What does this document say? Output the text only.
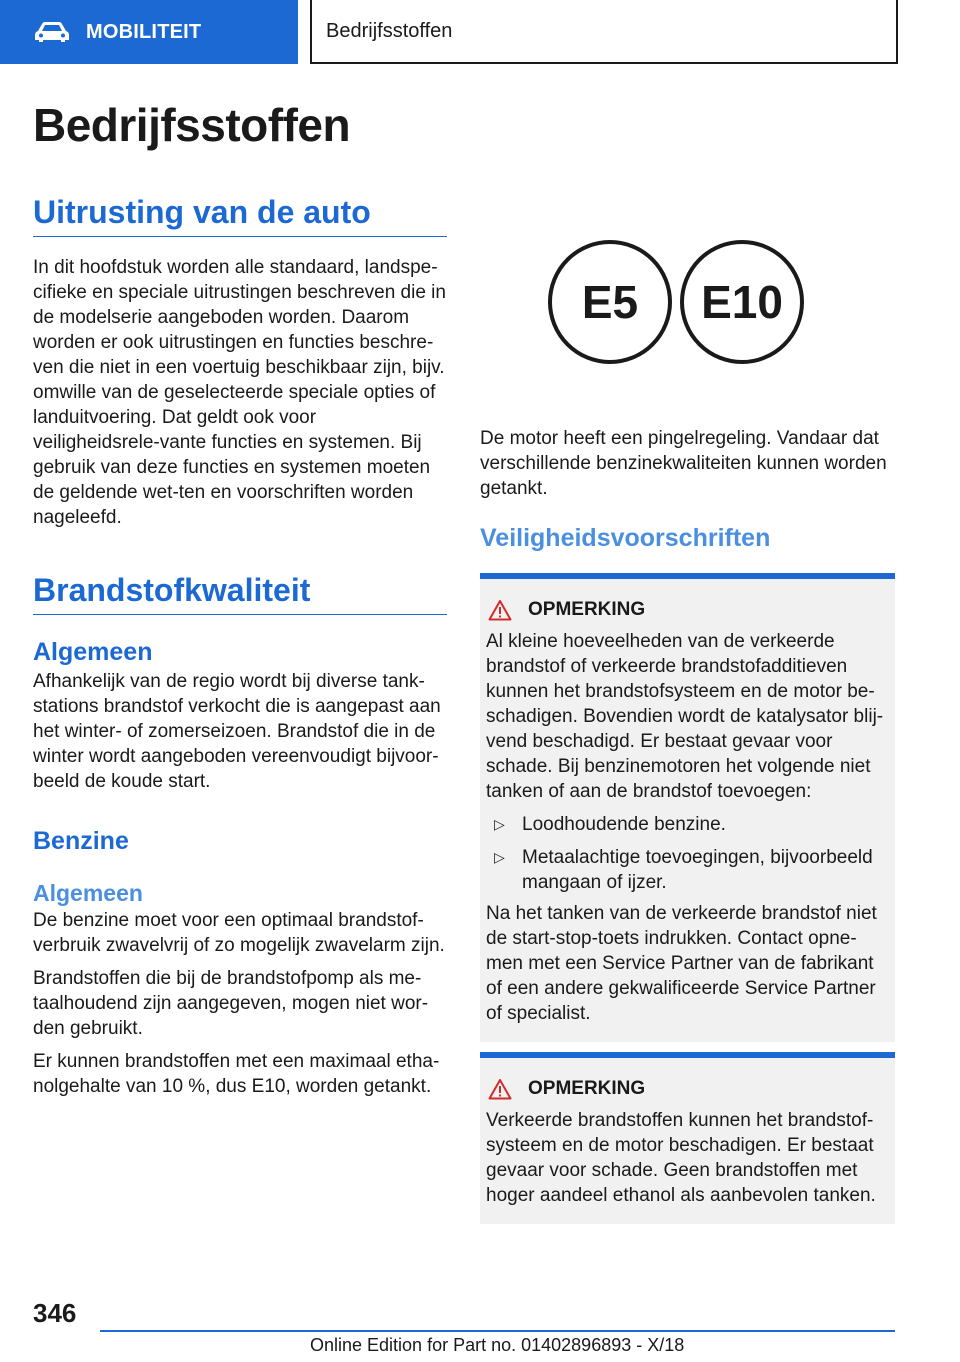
MOBILITEIT	Bedrijfsstoffen
Bedrijfsstoffen
Uitrusting van de auto

In dit hoofdstuk worden alle standaard, landspe-cifieke en speciale uitrustingen beschreven die in de modelserie aangeboden worden. Daarom worden er ook uitrustingen en functies beschre-ven die niet in een voertuig beschikbaar zijn, bijv. omwille van de geselecteerde speciale opties of landuitvoering. Dat geldt ook voor veiligheidsrele-vante functies en systemen. Bij gebruik van deze functies en systemen moeten de geldende wet-ten en voorschriften worden nageleefd.

Brandstofkwaliteit
Algemeen

Afhankelijk van de regio wordt bij diverse tank-stations brandstof verkocht die is aangepast aan het winter- of zomerseizoen. Brandstof die in de winter wordt aangeboden vereenvoudigt bijvoor-beeld de koude start.

Benzine
Algemeen

De benzine moet voor een optimaal brandstof-verbruik zwavelvrij of zo mogelijk zwavelarm zijn.

Brandstoffen die bij de brandstofpomp als me-taalhoudend zijn aangegeven, mogen niet wor-den gebruikt.

Er kunnen brandstoffen met een maximaal etha-nolgehalte van 10 %, dus E10, worden getankt.

E5	E10

De motor heeft een pingelregeling. Vandaar dat verschillende benzinekwaliteiten kunnen worden getankt.

Veiligheidsvoorschriften
OPMERKING

Al kleine hoeveelheden van de verkeerde brandstof of verkeerde brandstofadditieven kunnen het brandstofsysteem en de motor be-schadigen. Bovendien wordt de katalysator blij-vend beschadigd. Er bestaat gevaar voor schade. Bij benzinemotoren het volgende niet tanken of aan de brandstof toevoegen:

▷ Loodhoudende benzine.
▷ Metaalachtige toevoegingen, bijvoorbeeld mangaan of ijzer.

Na het tanken van de verkeerde brandstof niet de start-stop-toets indrukken. Contact opne-men met een Service Partner van de fabrikant of een andere gekwalificeerde Service Partner of specialist.

OPMERKING

Verkeerde brandstoffen kunnen het brandstof-systeem en de motor beschadigen. Er bestaat gevaar voor schade. Geen brandstoffen met hoger aandeel ethanol als aanbevolen tanken.

346
Online Edition for Part no. 01402896893 - X/18
